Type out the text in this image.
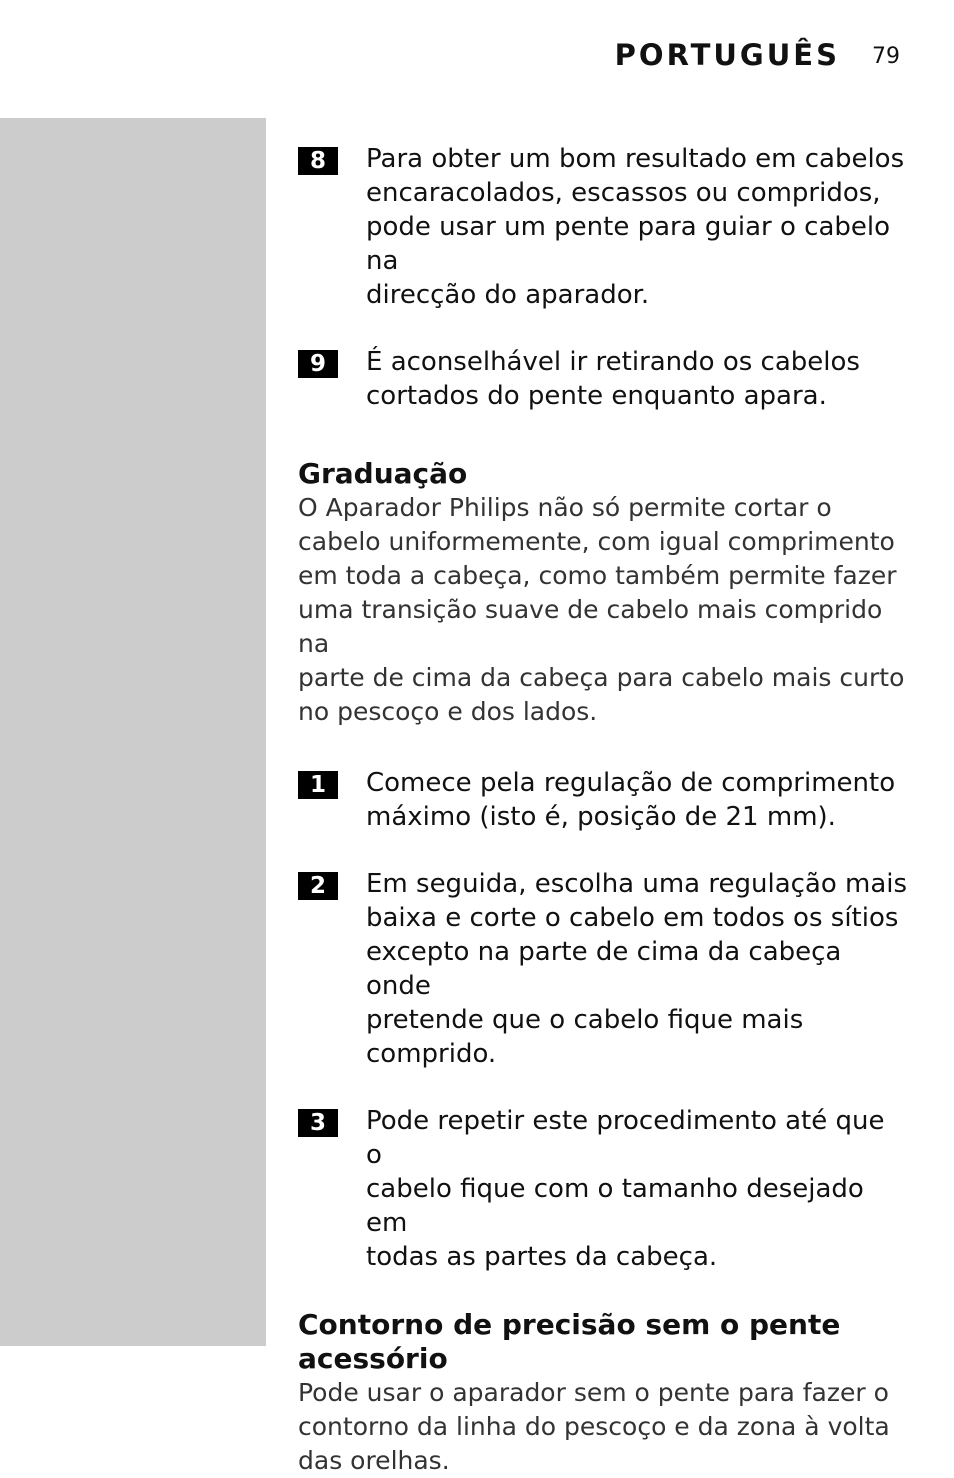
PORTUGUÊS 79
8	Para obter um bom resultado em cabelos
encaracolados, escassos ou compridos,
pode usar um pente para guiar o cabelo na
direcção do aparador.
9	É aconselhável ir retirando os cabelos
cortados do pente enquanto apara.
Graduação
O Aparador Philips não só permite cortar o
cabelo uniformemente, com igual comprimento
em toda a cabeça, como também permite fazer
uma transição suave de cabelo mais comprido na
parte de cima da cabeça para cabelo mais curto
no pescoço e dos lados.
1	Comece pela regulação de comprimento
máximo (isto é, posição de 21 mm).
2	Em seguida, escolha uma regulação mais
baixa e corte o cabelo em todos os sítios
excepto na parte de cima da cabeça onde
pretende que o cabelo fique mais
comprido.
3	Pode repetir este procedimento até que o
cabelo fique com o tamanho desejado em
todas as partes da cabeça.
Contorno de precisão sem o pente
acessório
Pode usar o aparador sem o pente para fazer o
contorno da linha do pescoço e da zona à volta
das orelhas.
